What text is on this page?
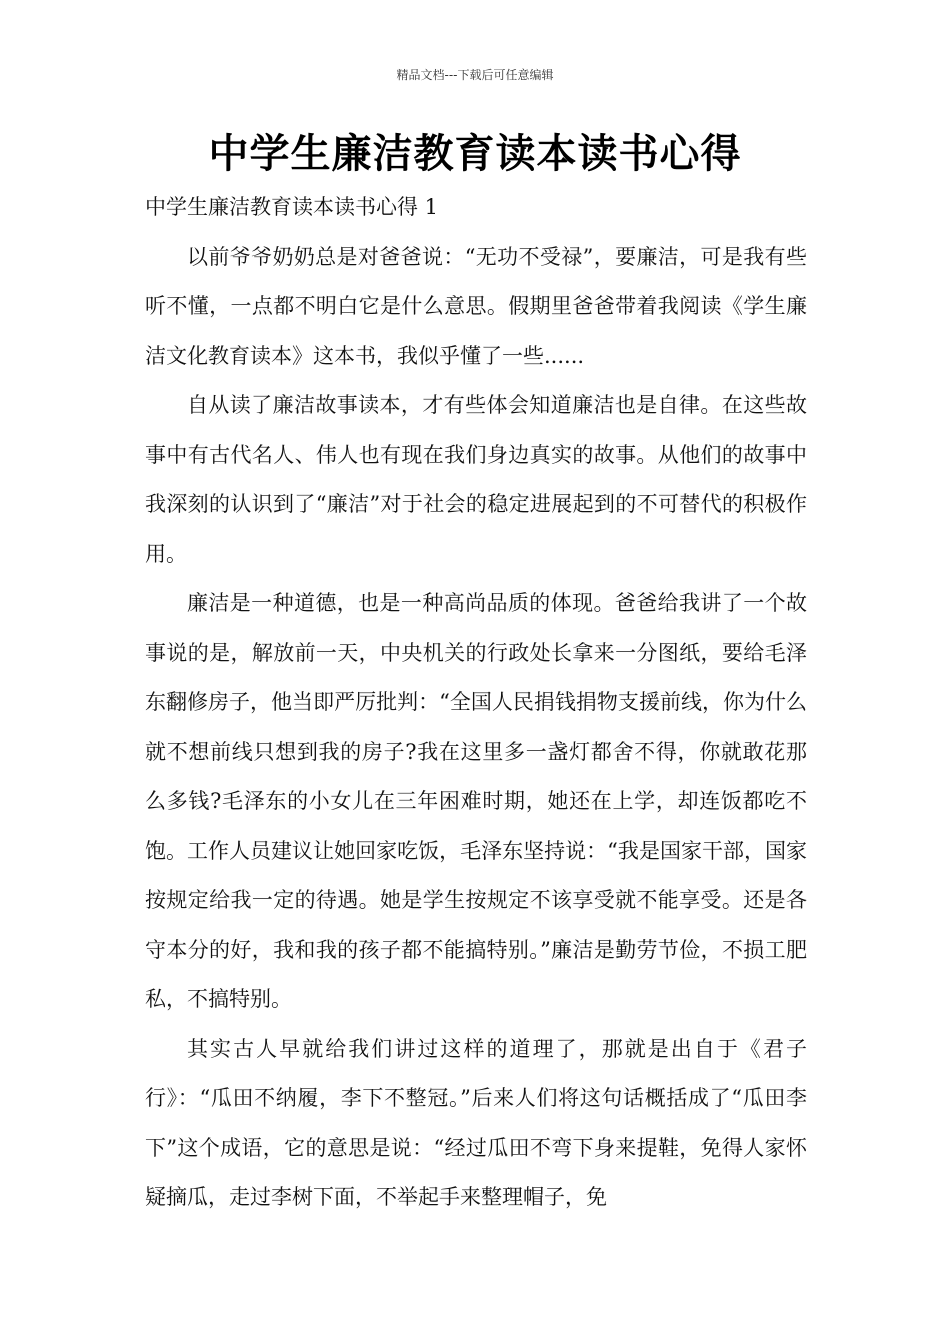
精品文档---下载后可任意编辑
中学生廉洁教育读本读书心得

中学生廉洁教育读本读书心得 1

以前爷爷奶奶总是对爸爸说：“无功不受禄”，要廉洁，可是我有些听不懂，一点都不明白它是什么意思。假期里爸爸带着我阅读《学生廉洁文化教育读本》这本书，我似乎懂了一些......

自从读了廉洁故事读本，才有些体会知道廉洁也是自律。在这些故事中有古代名人、伟人也有现在我们身边真实的故事。从他们的故事中我深刻的认识到了“廉洁”对于社会的稳定进展起到的不可替代的积极作用。

廉洁是一种道德，也是一种高尚品质的体现。爸爸给我讲了一个故事说的是，解放前一天，中央机关的行政处长拿来一分图纸，要给毛泽东翻修房子，他当即严厉批判：“全国人民捐钱捐物支援前线，你为什么就不想前线只想到我的房子?我在这里多一盏灯都舍不得，你就敢花那么多钱?毛泽东的小女儿在三年困难时期，她还在上学，却连饭都吃不饱。工作人员建议让她回家吃饭，毛泽东坚持说：“我是国家干部，国家按规定给我一定的待遇。她是学生按规定不该享受就不能享受。还是各守本分的好，我和我的孩子都不能搞特别。”廉洁是勤劳节俭，不损工肥私，不搞特别。

其实古人早就给我们讲过这样的道理了，那就是出自于《君子行》：“瓜田不纳履，李下不整冠。”后来人们将这句话概括成了“瓜田李下”这个成语，它的意思是说：“经过瓜田不弯下身来提鞋，免得人家怀疑摘瓜，走过李树下面，不举起手来整理帽子，免
